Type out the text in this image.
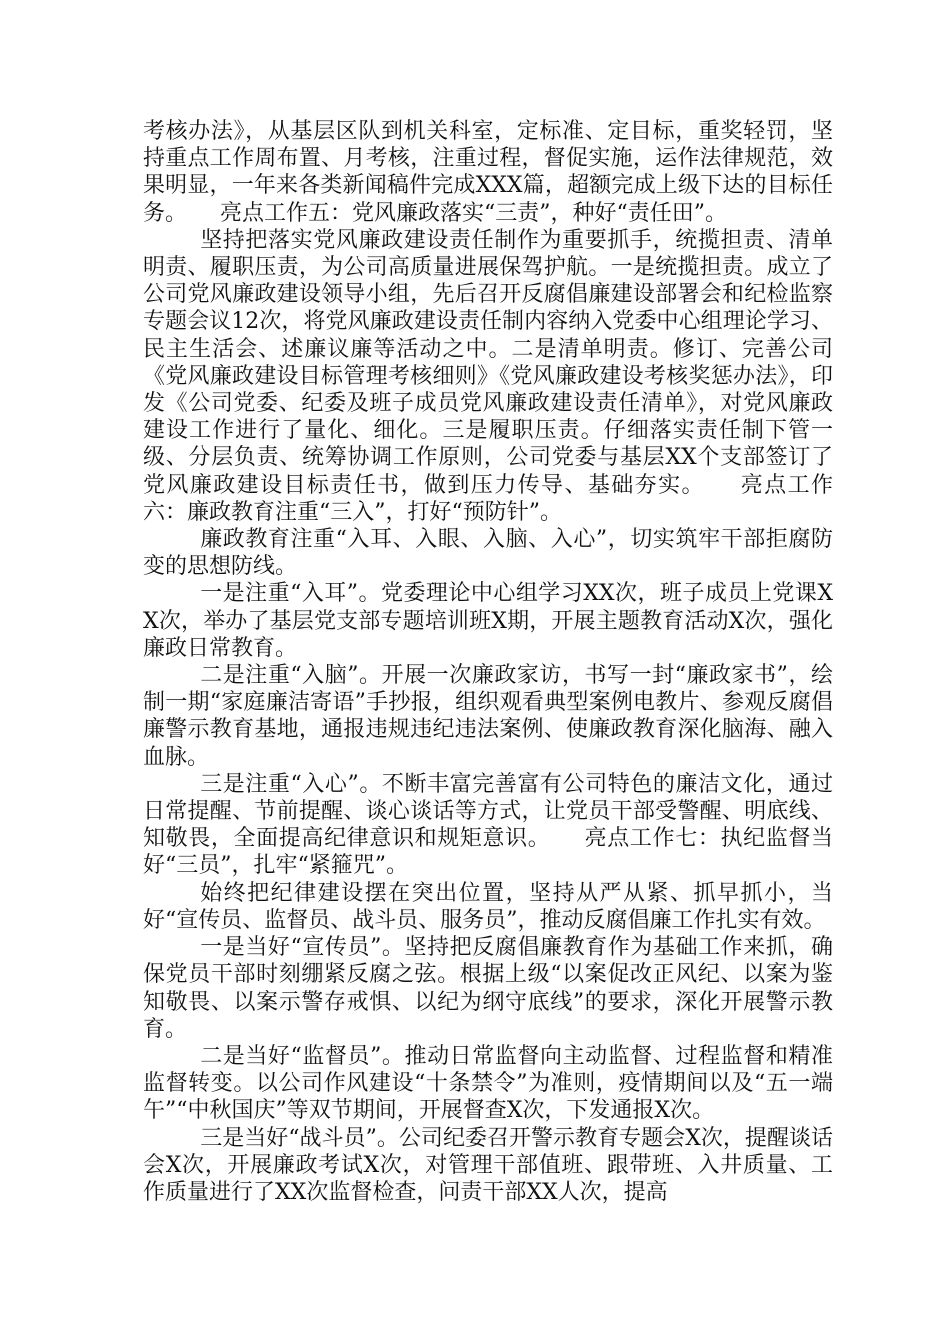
考核办法》，从基层区队到机关科室，定标准、定目标，重奖轻罚，坚持重点工作周布置、月考核，注重过程，督促实施，运作法律规范，效果明显，一年来各类新闻稿件完成XXX篇，超额完成上级下达的目标任务。　　亮点工作五：党风廉政落实“三责”，种好“责任田”。

坚持把落实党风廉政建设责任制作为重要抓手，统揽担责、清单明责、履职压责，为公司高质量进展保驾护航。一是统揽担责。成立了公司党风廉政建设领导小组，先后召开反腐倡廉建设部署会和纪检监察专题会议12次，将党风廉政建设责任制内容纳入党委中心组理论学习、民主生活会、述廉议廉等活动之中。二是清单明责。修订、完善公司《党风廉政建设目标管理考核细则》《党风廉政建设考核奖惩办法》，印发《公司党委、纪委及班子成员党风廉政建设责任清单》，对党风廉政建设工作进行了量化、细化。三是履职压责。仔细落实责任制下管一级、分层负责、统筹协调工作原则，公司党委与基层XX个支部签订了党风廉政建设目标责任书，做到压力传导、基础夯实。　　亮点工作六：廉政教育注重“三入”，打好“预防针”。

廉政教育注重“入耳、入眼、入脑、入心”，切实筑牢干部拒腐防变的思想防线。

一是注重“入耳”。党委理论中心组学习XX次，班子成员上党课XX次，举办了基层党支部专题培训班X期，开展主题教育活动X次，强化廉政日常教育。

二是注重“入脑”。开展一次廉政家访，书写一封“廉政家书”，绘制一期“家庭廉洁寄语”手抄报，组织观看典型案例电教片、参观反腐倡廉警示教育基地，通报违规违纪违法案例、使廉政教育深化脑海、融入血脉。

三是注重“入心”。不断丰富完善富有公司特色的廉洁文化，通过日常提醒、节前提醒、谈心谈话等方式，让党员干部受警醒、明底线、知敬畏，全面提高纪律意识和规矩意识。　　亮点工作七：执纪监督当好“三员”，扎牢“紧箍咒”。

始终把纪律建设摆在突出位置，坚持从严从紧、抓早抓小，当好“宣传员、监督员、战斗员、服务员”，推动反腐倡廉工作扎实有效。

一是当好“宣传员”。坚持把反腐倡廉教育作为基础工作来抓，确保党员干部时刻绷紧反腐之弦。根据上级“以案促改正风纪、以案为鉴知敬畏、以案示警存戒惧、以纪为纲守底线”的要求，深化开展警示教育。

二是当好“监督员”。推动日常监督向主动监督、过程监督和精准监督转变。以公司作风建设“十条禁令”为准则，疫情期间以及“五一端午”“中秋国庆”等双节期间，开展督查X次，下发通报X次。

三是当好“战斗员”。公司纪委召开警示教育专题会X次，提醒谈话会X次，开展廉政考试X次，对管理干部值班、跟带班、入井质量、工作质量进行了XX次监督检查，问责干部XX人次，提高
